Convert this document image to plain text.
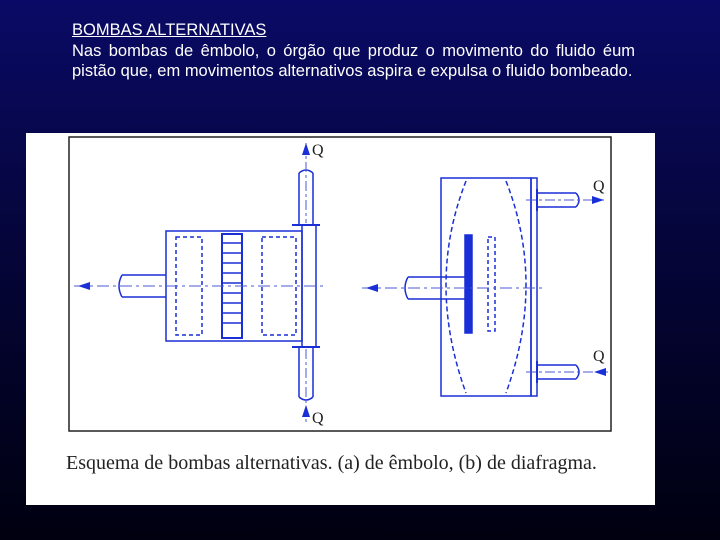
BOMBAS ALTERNATIVAS
Nas bombas de êmbolo, o órgão que produz o movimento do fluido éum pistão que, em movimentos alternativos aspira e expulsa o fluido bombeado.
Q
Q
Q
Q
Esquema de bombas alternativas. (a) de êmbolo, (b) de diafragma.
